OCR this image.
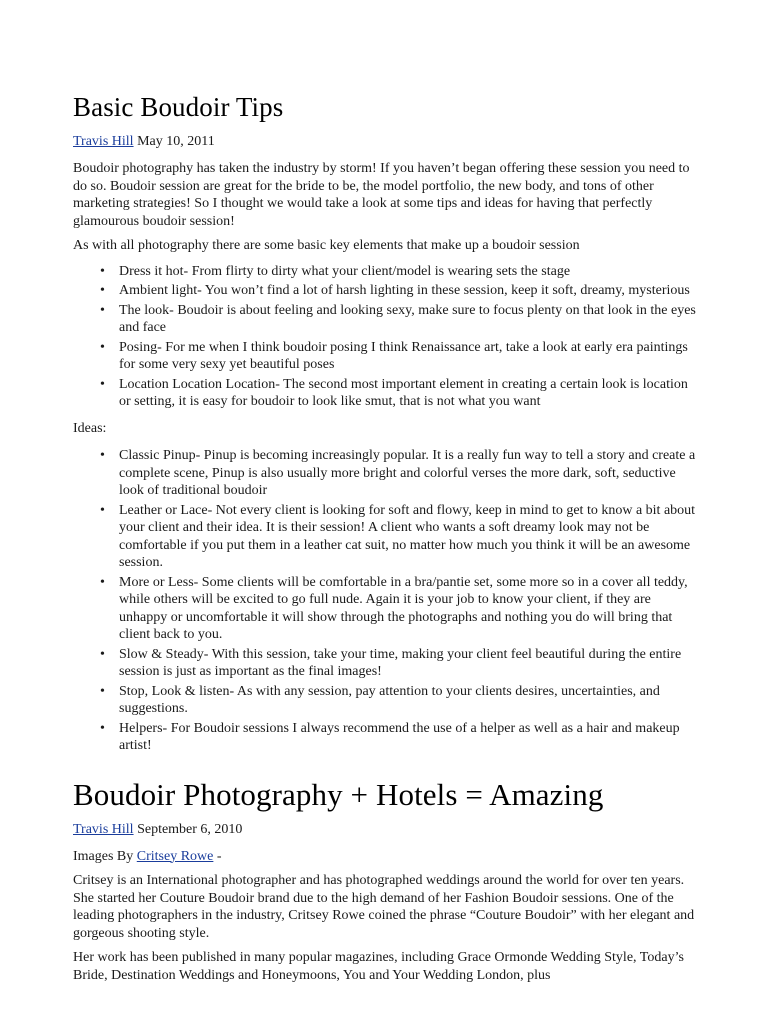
Basic Boudoir Tips
Travis Hill May 10, 2011

Boudoir photography has taken the industry by storm! If you haven’t began offering these session you need to do so. Boudoir session are great for the bride to be, the model portfolio, the new body, and tons of other marketing strategies! So I thought we would take a look at some tips and ideas for having that perfectly glamourous boudoir session!

As with all photography there are some basic key elements that make up a boudoir session

• Dress it hot- From flirty to dirty what your client/model is wearing sets the stage
• Ambient light- You won’t find a lot of harsh lighting in these session, keep it soft, dreamy, mysterious
• The look- Boudoir is about feeling and looking sexy, make sure to focus plenty on that look in the eyes and face
• Posing- For me when I think boudoir posing I think Renaissance art, take a look at early era paintings for some very sexy yet beautiful poses
• Location Location Location- The second most important element in creating a certain look is location or setting, it is easy for boudoir to look like smut, that is not what you want

Ideas:

• Classic Pinup- Pinup is becoming increasingly popular. It is a really fun way to tell a story and create a complete scene, Pinup is also usually more bright and colorful verses the more dark, soft, seductive look of traditional boudoir
• Leather or Lace- Not every client is looking for soft and flowy, keep in mind to get to know a bit about your client and their idea. It is their session! A client who wants a soft dreamy look may not be comfortable if you put them in a leather cat suit, no matter how much you think it will be an awesome session.
• More or Less- Some clients will be comfortable in a bra/pantie set, some more so in a cover all teddy, while others will be excited to go full nude. Again it is your job to know your client, if they are unhappy or uncomfortable it will show through the photographs and nothing you do will bring that client back to you.
• Slow & Steady- With this session, take your time, making your client feel beautiful during the entire session is just as important as the final images!
• Stop, Look & listen- As with any session, pay attention to your clients desires, uncertainties, and suggestions.
• Helpers- For Boudoir sessions I always recommend the use of a helper as well as a hair and makeup artist!
Boudoir Photography + Hotels = Amazing
Travis Hill September 6, 2010

Images By Critsey Rowe -

Critsey is an International photographer and has photographed weddings around the world for over ten years. She started her Couture Boudoir brand due to the high demand of her Fashion Boudoir sessions. One of the leading photographers in the industry, Critsey Rowe coined the phrase “Couture Boudoir” with her elegant and gorgeous shooting style.

Her work has been published in many popular magazines, including Grace Ormonde Wedding Style, Today’s Bride, Destination Weddings and Honeymoons, You and Your Wedding London, plus
